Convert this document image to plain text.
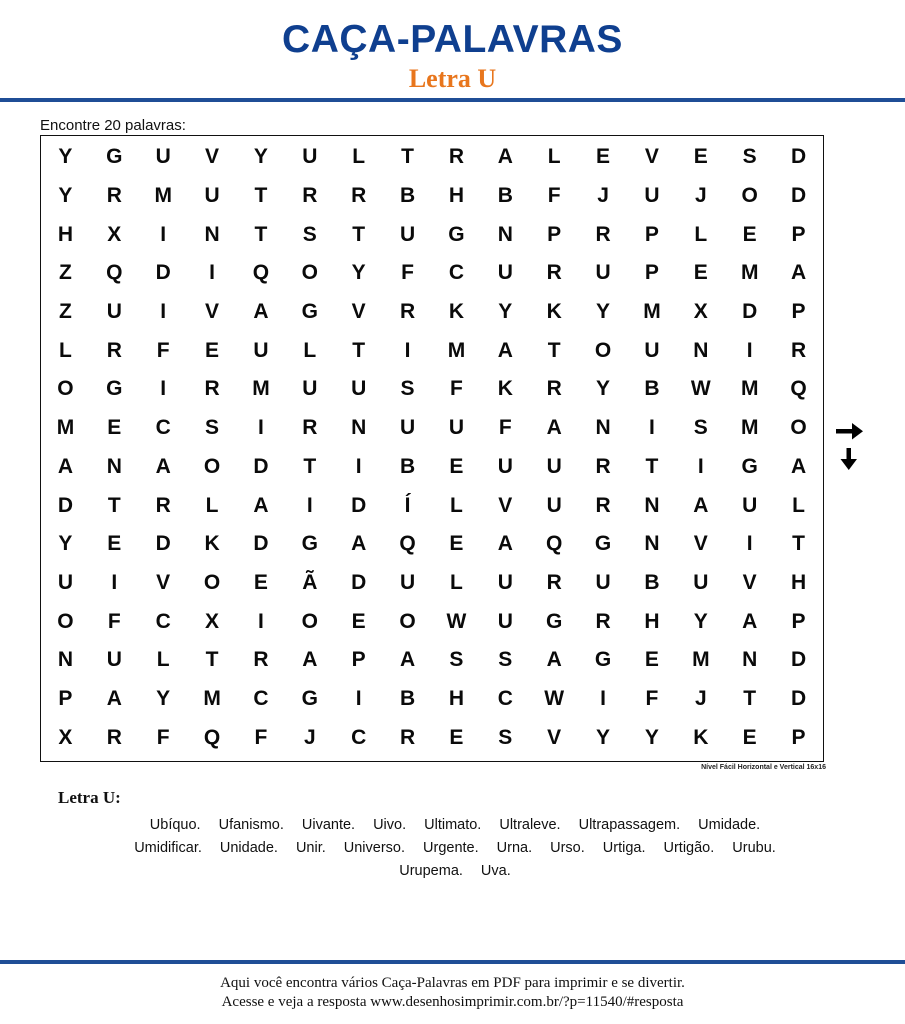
CAÇA-PALAVRAS
Letra U
Encontre 20 palavras:
Y	G	U	V	Y	U	L	T	R	A	L	E	V	E	S	D
Y	R	M	U	T	R	R	B	H	B	F	J	U	J	O	D
H	X	I	N	T	S	T	U	G	N	P	R	P	L	E	P
Z	Q	D	I	Q	O	Y	F	C	U	R	U	P	E	M	A
Z	U	I	V	A	G	V	R	K	Y	K	Y	M	X	D	P
L	R	F	E	U	L	T	I	M	A	T	O	U	N	I	R
O	G	I	R	M	U	U	S	F	K	R	Y	B	W	M	Q
M	E	C	S	I	R	N	U	U	F	A	N	I	S	M	O
A	N	A	O	D	T	I	B	E	U	U	R	T	I	G	A
D	T	R	L	A	I	D	Í	L	V	U	R	N	A	U	L
Y	E	D	K	D	G	A	Q	E	A	Q	G	N	V	I	T
U	I	V	O	E	Ã	D	U	L	U	R	U	B	U	V	H
O	F	C	X	I	O	E	O	W	U	G	R	H	Y	A	P
N	U	L	T	R	A	P	A	S	S	A	G	E	M	N	D
P	A	Y	M	C	G	I	B	H	C	W	I	F	J	T	D
X	R	F	Q	F	J	C	R	E	S	V	Y	Y	K	E	P
Nível Fácil Horizontal e Vertical 16x16
Letra U:
Ubíquo. Ufanismo. Uivante. Uivo. Ultimato. Ultraleve. Ultrapassagem. Umidade.
Umidificar. Unidade. Unir. Universo. Urgente. Urna. Urso. Urtiga. Urtigão. Urubu.
Urupema. Uva.
Aqui você encontra vários Caça-Palavras em PDF para imprimir e se divertir.
Acesse e veja a resposta www.desenhosimprimir.com.br/?p=11540/#resposta
